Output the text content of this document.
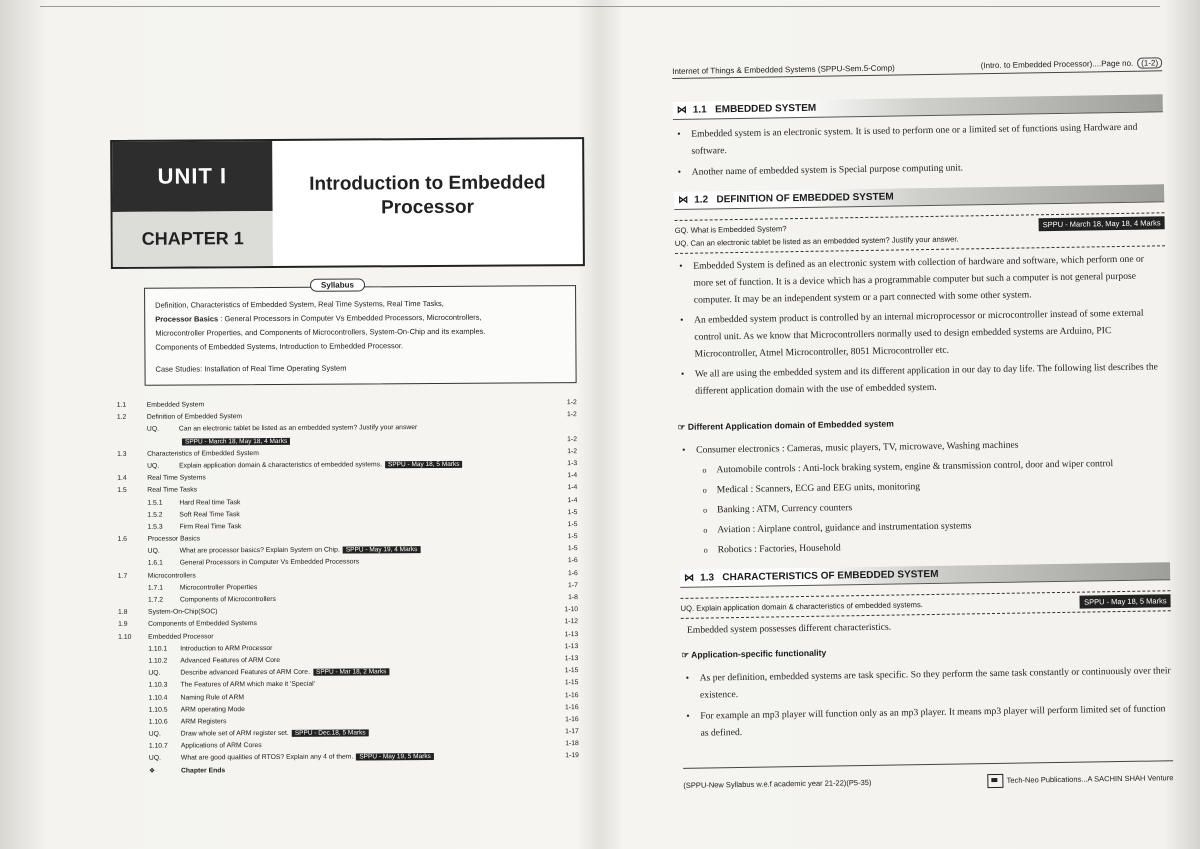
UNIT I
CHAPTER 1
Introduction to Embedded
Processor
Syllabus
Definition, Characteristics of Embedded System, Real Time Systems, Real Time Tasks,
Processor Basics : General Processors in Computer Vs Embedded Processors, Microcontrollers,
Microcontroller Properties, and Components of Microcontrollers, System-On-Chip and its examples.
Components of Embedded Systems, Introduction to Embedded Processor.
Case Studies: Installation of Real Time Operating System
1.1	Embedded System	1-2
1.2	Definition of Embedded System	1-2
UQ.	Can an electronic tablet be listed as an embedded system? Justify your answer
SPPU - March 18, May 18, 4 Marks	1-2
1.3	Characteristics of Embedded System	1-2
UQ.	Explain application domain & characteristics of embedded systems. SPPU - May 18, 5 Marks	1-3
1.4	Real Time Systems	1-4
1.5	Real Time Tasks	1-4
1.5.1 Hard Real time Task	1-4
1.5.2 Soft Real Time Task	1-5
1.5.3 Firm Real Time Task	1-5
1.6	Processor Basics	1-5
UQ.	What are processor basics? Explain System on Chip. SPPU - May 19, 4 Marks	1-5
1.6.1 General Processors in Computer Vs Embedded Processors	1-6
1.7	Microcontrollers	1-6
1.7.1 Microcontroller Properties	1-7
1.7.2 Components of Microcontrollers	1-8
1.8	System-On-Chip(SOC)	1-10
1.9	Components of Embedded Systems	1-12
1.10 Embedded Processor	1-13
1.10.1 Introduction to ARM Processor	1-13
1.10.2 Advanced Features of ARM Core	1-13
UQ.	Describe advanced Features of ARM Core. SPPU - Mar 18, 2 Marks	1-15
1.10.3 The Features of ARM which make it 'Special'	1-15
1.10.4 Naming Rule of ARM	1-16
1.10.5 ARM operating Mode	1-16
1.10.6 ARM Registers	1-16
UQ.	Draw whole set of ARM register set. SPPU - Dec.18, 5 Marks	1-17
1.10.7 Applications of ARM Cores	1-18
UQ.	What are good qualities of RTOS? Explain any 4 of them. SPPU - May 19, 5 Marks	1-19
❖	Chapter Ends
Internet of Things & Embedded Systems (SPPU-Sem.5-Comp)	(Intro. to Embedded Processor)....Page no. (1-2)
⋈ 1.1 EMBEDDED SYSTEM
• Embedded system is an electronic system. It is used to perform one or a limited set of functions using Hardware and software.
• Another name of embedded system is Special purpose computing unit.
⋈ 1.2 DEFINITION OF EMBEDDED SYSTEM
GQ. What is Embedded System?
UQ. Can an electronic tablet be listed as an embedded system? Justify your answer.
SPPU - March 18, May 18, 4 Marks
• Embedded System is defined as an electronic system with collection of hardware and software, which perform one or more set of function. It is a device which has a programmable computer but such a computer is not general purpose computer. It may be an independent system or a part connected with some other system.
• An embedded system product is controlled by an internal microprocessor or microcontroller instead of some external control unit. As we know that Microcontrollers normally used to design embedded systems are Arduino, PIC Microcontroller, Atmel Microcontroller, 8051 Microcontroller etc.
• We all are using the embedded system and its different application in our day to day life. The following list describes the different application domain with the use of embedded system.
☞ Different Application domain of Embedded system
• Consumer electronics : Cameras, music players, TV, microwave, Washing machines
o Automobile controls : Anti-lock braking system, engine & transmission control, door and wiper control
o Medical : Scanners, ECG and EEG units, monitoring
o Banking : ATM, Currency counters
o Aviation : Airplane control, guidance and instrumentation systems
o Robotics : Factories, Household
⋈ 1.3 CHARACTERISTICS OF EMBEDDED SYSTEM
UQ. Explain application domain & characteristics of embedded systems.	SPPU - May 18, 5 Marks
Embedded system possesses different characteristics.
☞ Application-specific functionality
• As per definition, embedded systems are task specific. So they perform the same task constantly or continuously over their existence.
• For example an mp3 player will function only as an mp3 player. It means mp3 player will perform limited set of function as defined.
(SPPU-New Syllabus w.e.f academic year 21-22)(P5-35)	Tech-Neo Publications...A SACHIN SHAH Venture
